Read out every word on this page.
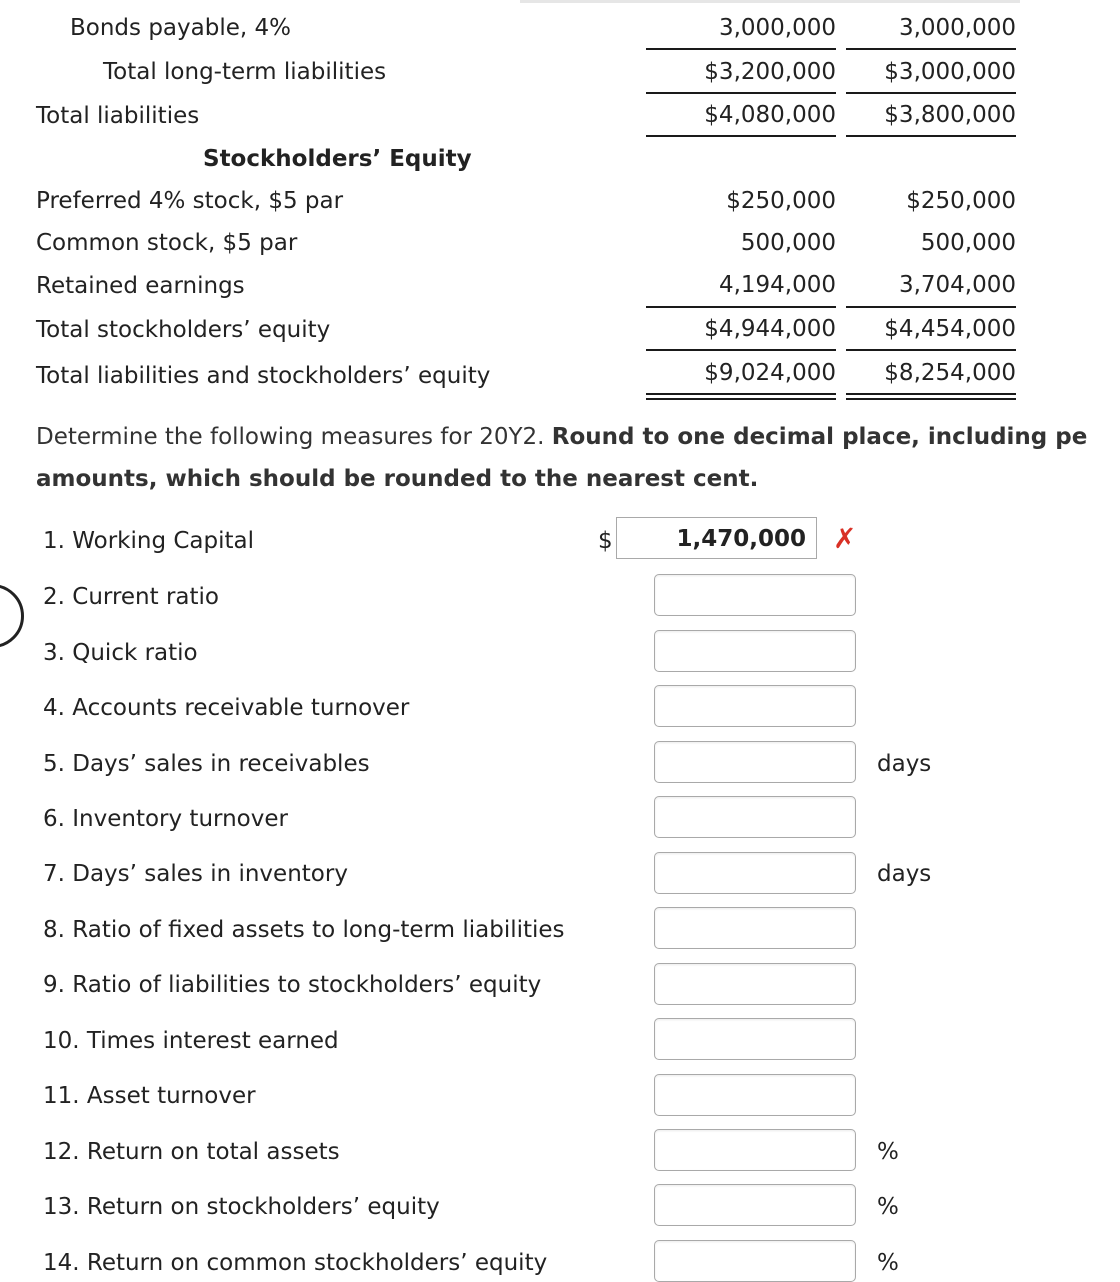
Bonds payable, 4%	3,000,000	3,000,000
Total long-term liabilities	$3,200,000	$3,000,000
Total liabilities	$4,080,000	$3,800,000
Stockholders’ Equity
Preferred 4% stock, $5 par	$250,000	$250,000
Common stock, $5 par	500,000	500,000
Retained earnings	4,194,000	3,704,000
Total stockholders’ equity	$4,944,000	$4,454,000
Total liabilities and stockholders’ equity	$9,024,000	$8,254,000
Determine the following measures for 20Y2. Round to one decimal place, including pe
amounts, which should be rounded to the nearest cent.
1. Working Capital	$	1,470,000 ✗
2. Current ratio
3. Quick ratio
4. Accounts receivable turnover
5. Days’ sales in receivables	days
6. Inventory turnover
7. Days’ sales in inventory	days
8. Ratio of fixed assets to long-term liabilities
9. Ratio of liabilities to stockholders’ equity
10. Times interest earned
11. Asset turnover
12. Return on total assets	%
13. Return on stockholders’ equity	%
14. Return on common stockholders’ equity	%
